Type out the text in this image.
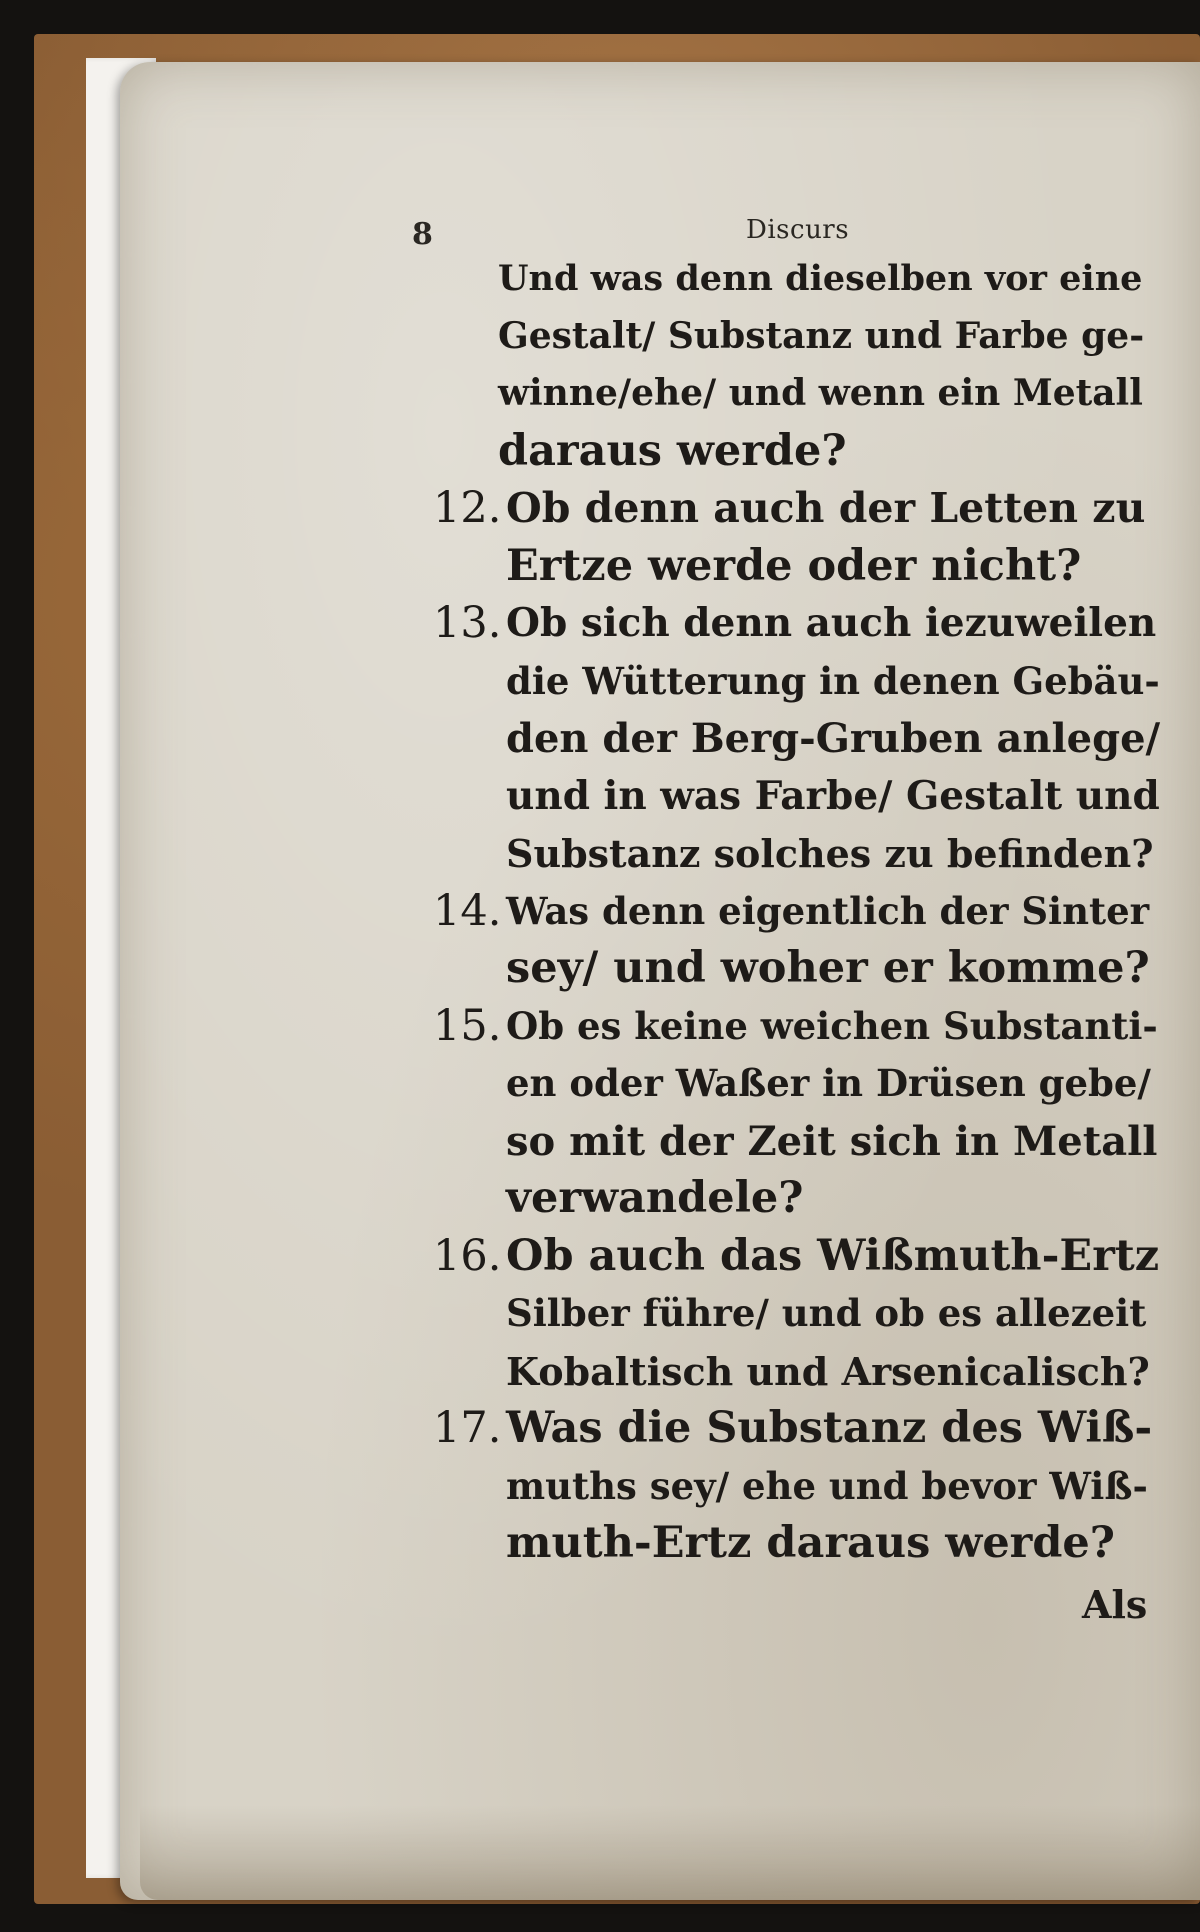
8	Discurs
Und was denn dieselben vor eine
Gestalt/ Substanz und Farbe ge-
winne/ehe/ und wenn ein Metall
daraus werde?
12. Ob denn auch der Letten zu
Ertze werde oder nicht?
13. Ob sich denn auch iezuweilen
die Wütterung in denen Gebäu-
den der Berg-Gruben anlege/
und in was Farbe/ Gestalt und
Substanz solches zu befinden?
14. Was denn eigentlich der Sinter
sey/ und woher er komme?
15. Ob es keine weichen Substanti-
en oder Waßer in Drüsen gebe/
so mit der Zeit sich in Metall
verwandele?
16. Ob auch das Wißmuth-Ertz
Silber führe/ und ob es allezeit
Kobaltisch und Arsenicalisch?
17. Was die Substanz des Wiß-
muths sey/ ehe und bevor Wiß-
muth-Ertz daraus werde?
Als
